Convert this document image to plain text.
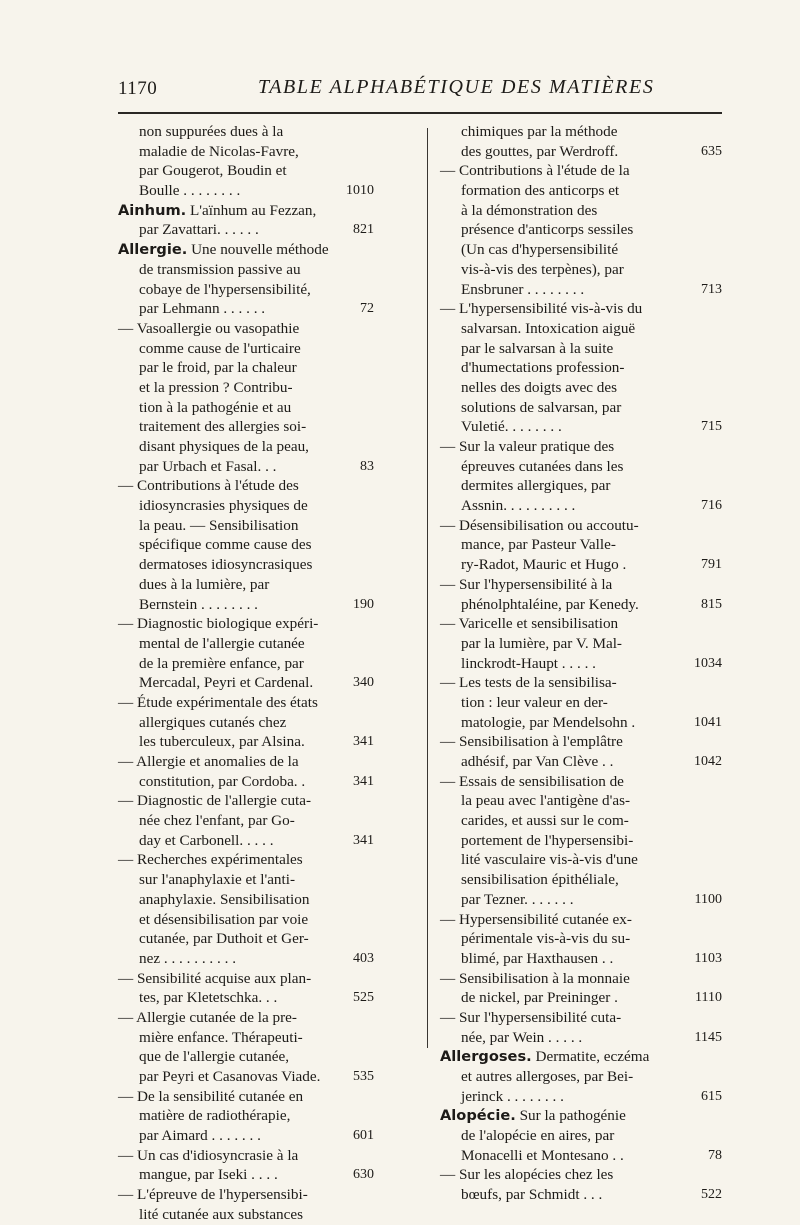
1170	TABLE ALPHABÉTIQUE DES MATIÈRES
non suppurées dues à la
maladie de Nicolas-Favre,
par Gougerot, Boudin et
Boulle . . . . . . . .	1010
Ainhum. L'aïnhum au Fezzan,
par Zavattari. . . . . .	821
Allergie. Une nouvelle méthode
de transmission passive au
cobaye de l'hypersensibilité,
par Lehmann . . . . . .	72
— Vasoallergie ou vasopathie
comme cause de l'urticaire
par le froid, par la chaleur
et la pression ? Contribu-
tion à la pathogénie et au
traitement des allergies soi-
disant physiques de la peau,
par Urbach et Fasal. . .	83
— Contributions à l'étude des
idiosyncrasies physiques de
la peau. — Sensibilisation
spécifique comme cause des
dermatoses idiosyncrasiques
dues à la lumière, par
Bernstein . . . . . . . .	190
— Diagnostic biologique expéri-
mental de l'allergie cutanée
de la première enfance, par
Mercadal, Peyri et Cardenal.	340
— Étude expérimentale des états
allergiques cutanés chez
les tuberculeux, par Alsina.	341
— Allergie et anomalies de la
constitution, par Cordoba. .	341
— Diagnostic de l'allergie cuta-
née chez l'enfant, par Go-
day et Carbonell. . . . .	341
— Recherches expérimentales
sur l'anaphylaxie et l'anti-
anaphylaxie. Sensibilisation
et désensibilisation par voie
cutanée, par Duthoit et Ger-
nez . . . . . . . . . .	403
— Sensibilité acquise aux plan-
tes, par Kletetschka. . .	525
— Allergie cutanée de la pre-
mière enfance. Thérapeuti-
que de l'allergie cutanée,
par Peyri et Casanovas Viade. 535
— De la sensibilité cutanée en
matière de radiothérapie,
par Aimard . . . . . . .	601
— Un cas d'idiosyncrasie à la
mangue, par Iseki . . . .	630
— L'épreuve de l'hypersensibi-
lité cutanée aux substances
chimiques par la méthode
des gouttes, par Werdroff.	635
— Contributions à l'étude de la
formation des anticorps et
à la démonstration des
présence d'anticorps sessiles
(Un cas d'hypersensibilité
vis-à-vis des terpènes), par
Ensbruner . . . . . . . .	713
— L'hypersensibilité vis-à-vis du
salvarsan. Intoxication aiguë
par le salvarsan à la suite
d'humectations profession-
nelles des doigts avec des
solutions de salvarsan, par
Vuletié. . . . . . . .	715
— Sur la valeur pratique des
épreuves cutanées dans les
dermites allergiques, par
Assnin. . . . . . . . . .	716
— Désensibilisation ou accoutu-
mance, par Pasteur Valle-
ry-Radot, Mauric et Hugo .	791
— Sur l'hypersensibilité à la
phénolphtaléine, par Kenedy.	815
— Varicelle et sensibilisation
par la lumière, par V. Mal-
linckrodt-Haupt . . . . .	1034
— Les tests de la sensibilisa-
tion : leur valeur en der-
matologie, par Mendelsohn .	1041
— Sensibilisation à l'emplâtre
adhésif, par Van Clève . .	1042
— Essais de sensibilisation de
la peau avec l'antigène d'as-
carides, et aussi sur le com-
portement de l'hypersensibi-
lité vasculaire vis-à-vis d'une
sensibilisation épithéliale,
par Tezner. . . . . . .	1100
— Hypersensibilité cutanée ex-
périmentale vis-à-vis du su-
blimé, par Haxthausen . .	1103
— Sensibilisation à la monnaie
de nickel, par Preininger .	1110
— Sur l'hypersensibilité cuta-
née, par Wein . . . . .	1145
Allergoses. Dermatite, eczéma
et autres allergoses, par Bei-
jerinck . . . . . . . .	615
Alopécie. Sur la pathogénie
de l'alopécie en aires, par
Monacelli et Montesano . .	78
— Sur les alopécies chez les
bœufs, par Schmidt . . .	522
